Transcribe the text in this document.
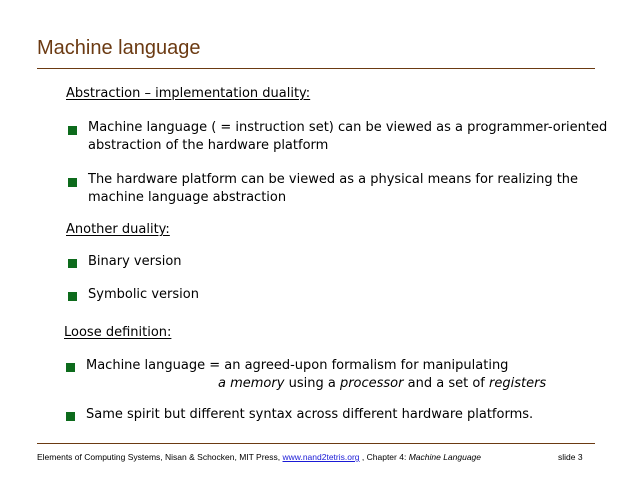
Machine language
Abstraction – implementation duality:
Machine language ( = instruction set) can be viewed as a programmer-oriented abstraction of the hardware platform
The hardware platform can be viewed as a physical means for realizing the machine language abstraction
Another duality:
Binary version
Symbolic version
Loose definition:
Machine language = an agreed-upon formalism for manipulating
a memory using a processor and a set of registers
Same spirit but different syntax across different hardware platforms.
Elements of Computing Systems, Nisan & Schocken, MIT Press, www.nand2tetris.org , Chapter 4: Machine Language	slide 3
